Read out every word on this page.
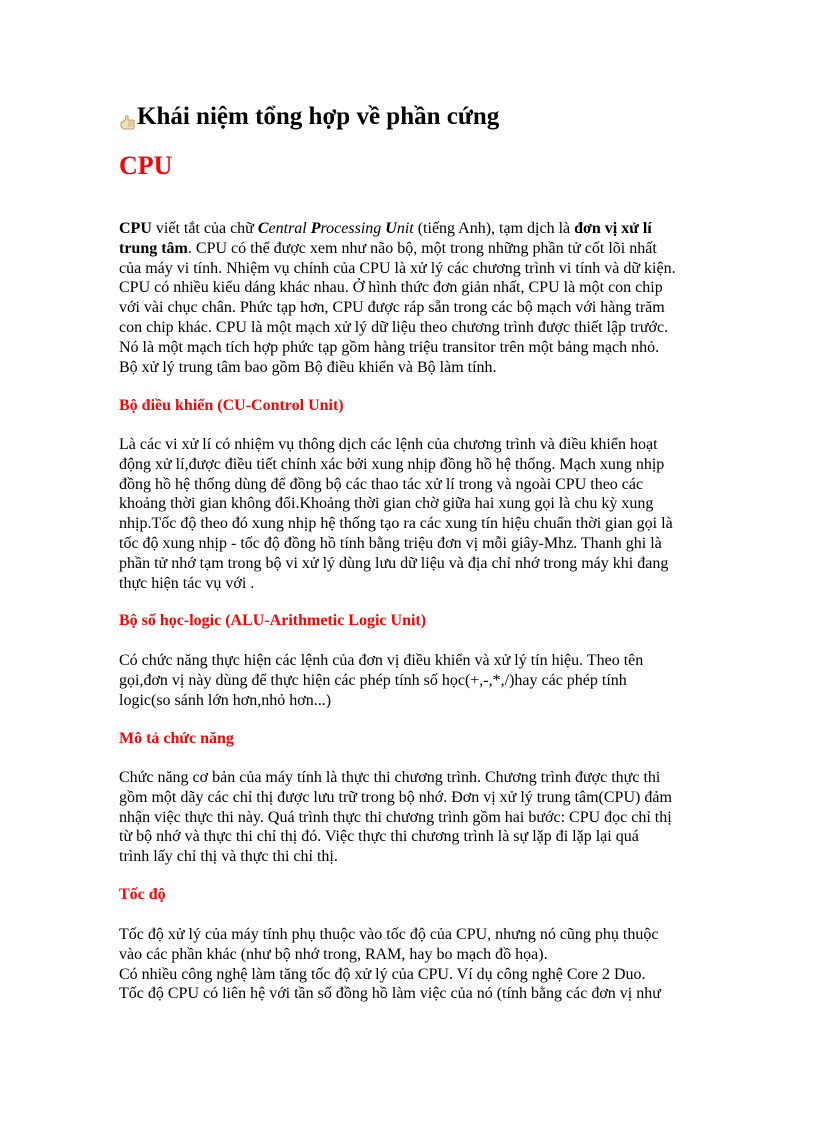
Khái niệm tổng hợp về phần cứng
CPU
CPU viết tắt của chữ Central Processing Unit (tiếng Anh), tạm dịch là đơn vị xử lí
trung tâm. CPU có thể được xem như não bộ, một trong những phần tử cốt lõi nhất
của máy vi tính. Nhiệm vụ chính của CPU là xử lý các chương trình vi tính và dữ kiện.
CPU có nhiều kiểu dáng khác nhau. Ở hình thức đơn giản nhất, CPU là một con chip
với vài chục chân. Phức tạp hơn, CPU được ráp sẵn trong các bộ mạch với hàng trăm
con chip khác. CPU là một mạch xử lý dữ liệu theo chương trình được thiết lập trước.
Nó là một mạch tích hợp phức tạp gồm hàng triệu transitor trên một bảng mạch nhỏ.
Bộ xử lý trung tâm bao gồm Bộ điều khiển và Bộ làm tính.
Bộ điều khiển (CU-Control Unit)
Là các vi xử lí có nhiệm vụ thông dịch các lệnh của chương trình và điều khiển hoạt
động xử lí,được điều tiết chính xác bởi xung nhịp đồng hồ hệ thống. Mạch xung nhịp
đồng hồ hệ thống dùng để đồng bộ các thao tác xử lí trong và ngoài CPU theo các
khoảng thời gian không đổi.Khoảng thời gian chờ giữa hai xung gọi là chu kỳ xung
nhịp.Tốc độ theo đó xung nhịp hệ thống tạo ra các xung tín hiệu chuẩn thời gian gọi là
tốc độ xung nhịp - tốc độ đồng hồ tính bằng triệu đơn vị mỗi giây-Mhz. Thanh ghi là
phần tử nhớ tạm trong bộ vi xử lý dùng lưu dữ liệu và địa chỉ nhớ trong máy khi đang
thực hiện tác vụ với .
Bộ số học-logic (ALU-Arithmetic Logic Unit)
Có chức năng thực hiện các lệnh của đơn vị điều khiển và xử lý tín hiệu. Theo tên
gọi,đơn vị này dùng để thực hiện các phép tính số học(+,-,*,/)hay các phép tính
logic(so sánh lớn hơn,nhỏ hơn...)
Mô tả chức năng
Chức năng cơ bản của máy tính là thực thi chương trình. Chương trình được thực thi
gồm một dãy các chỉ thị được lưu trữ trong bộ nhớ. Đơn vị xử lý trung tâm(CPU) đảm
nhận việc thực thi này. Quá trình thực thi chương trình gồm hai bước: CPU đọc chỉ thị
từ bộ nhớ và thực thi chỉ thị đó. Việc thực thi chương trình là sự lặp đi lặp lại quá
trình lấy chỉ thị và thực thi chỉ thị.
Tốc độ
Tốc độ xử lý của máy tính phụ thuộc vào tốc độ của CPU, nhưng nó cũng phụ thuộc
vào các phần khác (như bộ nhớ trong, RAM, hay bo mạch đồ họa).
Có nhiều công nghệ làm tăng tốc độ xử lý của CPU. Ví dụ công nghệ Core 2 Duo.
Tốc độ CPU có liên hệ với tần số đồng hồ làm việc của nó (tính bằng các đơn vị như
